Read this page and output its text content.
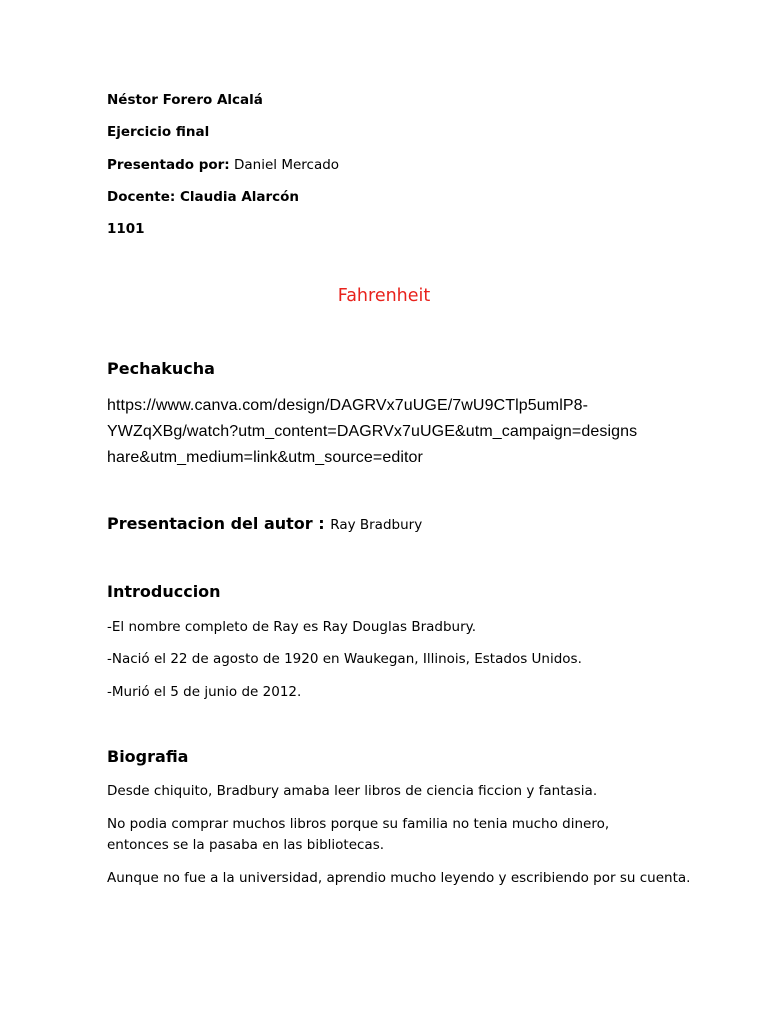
Néstor Forero Alcalá
Ejercicio final
Presentado por: Daniel Mercado
Docente: Claudia Alarcón
1101
Fahrenheit
Pechakucha
https://www.canva.com/design/DAGRVx7uUGE/7wU9CTlp5umlP8-
YWZqXBg/watch?utm_content=DAGRVx7uUGE&utm_campaign=designs
hare&utm_medium=link&utm_source=editor
Presentacion del autor : Ray Bradbury
Introduccion
-El nombre completo de Ray es Ray Douglas Bradbury.
-Nació el 22 de agosto de 1920 en Waukegan, Illinois, Estados Unidos.
-Murió el 5 de junio de 2012.
Biografia
Desde chiquito, Bradbury amaba leer libros de ciencia ficcion y fantasia.
No podia comprar muchos libros porque su familia no tenia mucho dinero, entonces se la pasaba en las bibliotecas.
Aunque no fue a la universidad, aprendio mucho leyendo y escribiendo por su cuenta.
